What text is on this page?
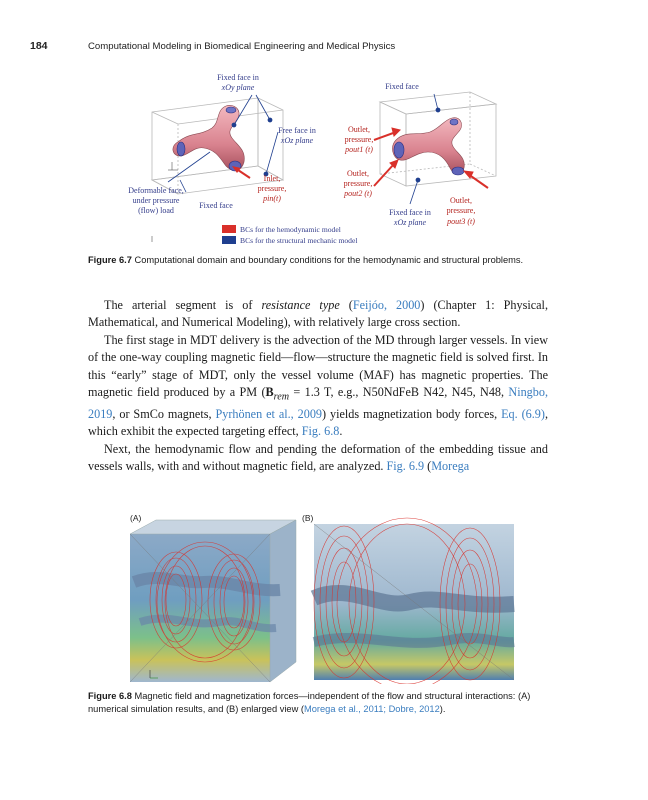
184	Computational Modeling in Biomedical Engineering and Medical Physics
Fixed face in
xOy plane	Fixed face
Free face in
xOz plane
Deformable face,
under pressure
(flow) load
Fixed face
Fixed face in
xOz plane
Outlet,
pressure,
pout1 (t)
Inlet,
pressure,
pin(t)
Outlet,
pressure,
pout2 (t)
Outlet,
pressure,
pout3 (t)
BCs for the hemodynamic model
BCs for the structural mechanic model
Figure 6.7 Computational domain and boundary conditions for the hemodynamic and structural problems.

The arterial segment is of resistance type (Feijóo, 2000) (Chapter 1: Physical, Mathematical, and Numerical Modeling), with relatively large cross section.

The first stage in MDT delivery is the advection of the MD through larger vessels. In view of the one-way coupling magnetic field—flow—structure the magnetic field is solved first. In this “early” stage of MDT, only the vessel volume (MAF) has magnetic properties. The magnetic field produced by a PM ($B_{rem} = 1.3$ T, e.g., N50NdFeB N42, N45, N48, Ningbo, 2019, or SmCo magnets, Pyrhönen et al., 2009) yields magnetization body forces, Eq. (6.9), which exhibit the expected targeting effect, Fig. 6.8.

Next, the hemodynamic flow and pending the deformation of the embedding tissue and vessels walls, with and without magnetic field, are analyzed. Fig. 6.9 (Morega

(A)	(B)
Figure 6.8 Magnetic field and magnetization forces—independent of the flow and structural interactions: (A) numerical simulation results, and (B) enlarged view (Morega et al., 2011; Dobre, 2012).
